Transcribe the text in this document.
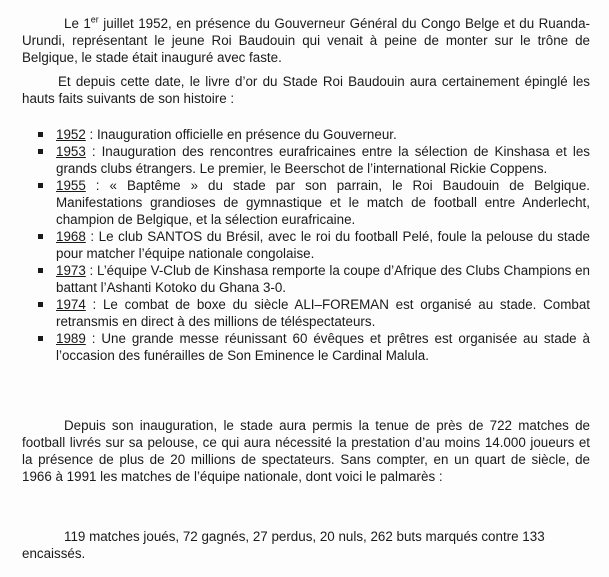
Le 1er juillet 1952, en présence du Gouverneur Général du Congo Belge et du Ruanda-Urundi, représentant le jeune Roi Baudouin qui venait à peine de monter sur le trône de Belgique, le stade était inauguré avec faste.

Et depuis cette date, le livre d’or du Stade Roi Baudouin aura certainement épinglé les hauts faits suivants de son histoire :

1952 : Inauguration officielle en présence du Gouverneur.
1953 : Inauguration des rencontres eurafricaines entre la sélection de Kinshasa et les grands clubs étrangers. Le premier, le Beerschot de l’international Rickie Coppens.
1955 : « Baptême » du stade par son parrain, le Roi Baudouin de Belgique. Manifestations grandioses de gymnastique et le match de football entre Anderlecht, champion de Belgique, et la sélection eurafricaine.
1968 : Le club SANTOS du Brésil, avec le roi du football Pelé, foule la pelouse du stade pour matcher l’équipe nationale congolaise.
1973 : L’équipe V-Club de Kinshasa remporte la coupe d’Afrique des Clubs Champions en battant l’Ashanti Kotoko du Ghana 3-0.
1974 : Le combat de boxe du siècle ALI–FOREMAN est organisé au stade. Combat retransmis en direct à des millions de téléspectateurs.
1989 : Une grande messe réunissant 60 évêques et prêtres est organisée au stade à l’occasion des funérailles de Son Eminence le Cardinal Malula.

Depuis son inauguration, le stade aura permis la tenue de près de 722 matches de football livrés sur sa pelouse, ce qui aura nécessité la prestation d’au moins 14.000 joueurs et la présence de plus de 20 millions de spectateurs. Sans compter, en un quart de siècle, de 1966 à 1991 les matches de l’équipe nationale, dont voici le palmarès :

119 matches joués, 72 gagnés, 27 perdus, 20 nuls, 262 buts marqués contre 133 encaissés.
